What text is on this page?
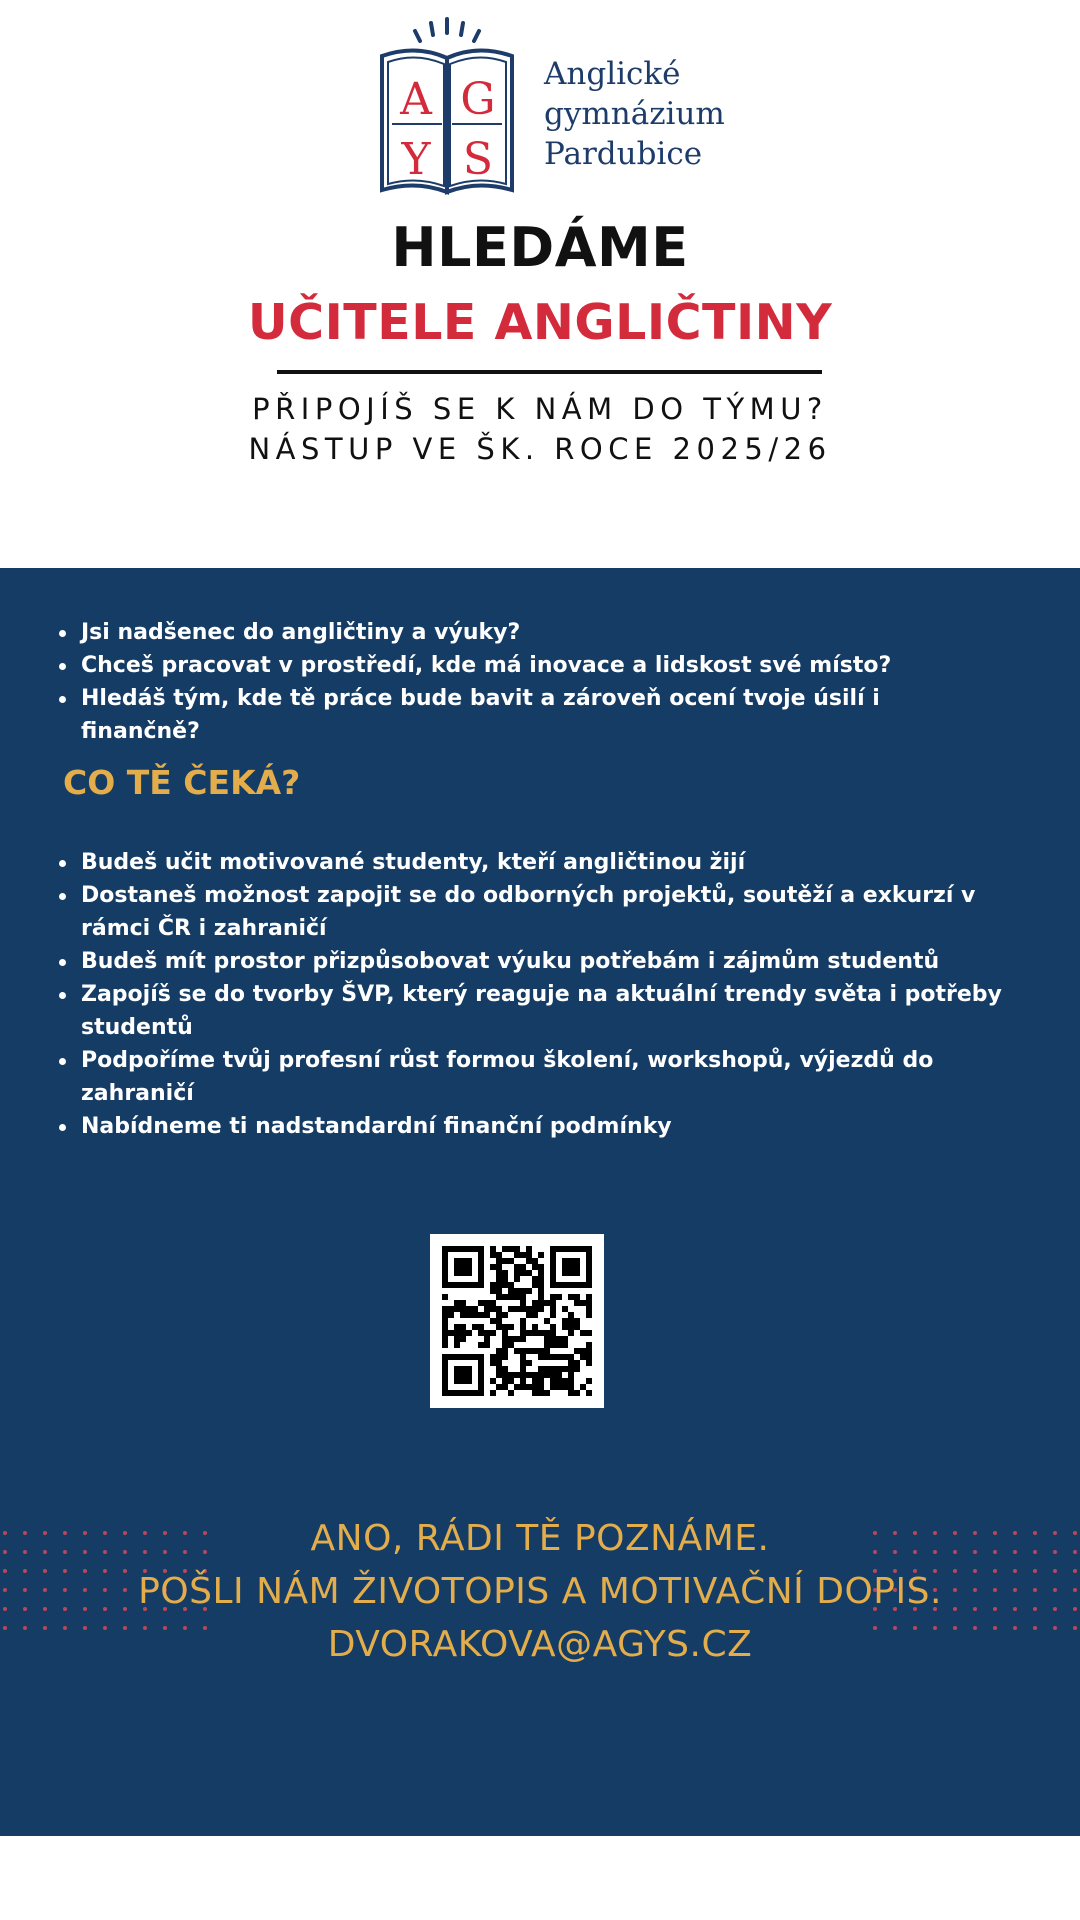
A G
Y S
Anglické
gymnázium
Pardubice
HLEDÁME
UČITELE ANGLIČTINY
PŘIPOJÍŠ SE K NÁM DO TÝMU?
NÁSTUP VE ŠK. ROCE 2025/26
Jsi nadšenec do angličtiny a výuky?
Chceš pracovat v prostředí, kde má inovace a lidskost své místo?
Hledáš tým, kde tě práce bude bavit a zároveň ocení tvoje úsilí i finančně?
CO TĚ ČEKÁ?
Budeš učit motivované studenty, kteří angličtinou žijí
Dostaneš možnost zapojit se do odborných projektů, soutěží a exkurzí v rámci ČR i zahraničí
Budeš mít prostor přizpůsobovat výuku potřebám i zájmům studentů
Zapojíš se do tvorby ŠVP, který reaguje na aktuální trendy světa i potřeby studentů
Podpoříme tvůj profesní růst formou školení, workshopů, výjezdů do zahraničí
Nabídneme ti nadstandardní finanční podmínky
ANO, RÁDI TĚ POZNÁME.
POŠLI NÁM ŽIVOTOPIS A MOTIVAČNÍ DOPIS.
DVORAKOVA@AGYS.CZ
